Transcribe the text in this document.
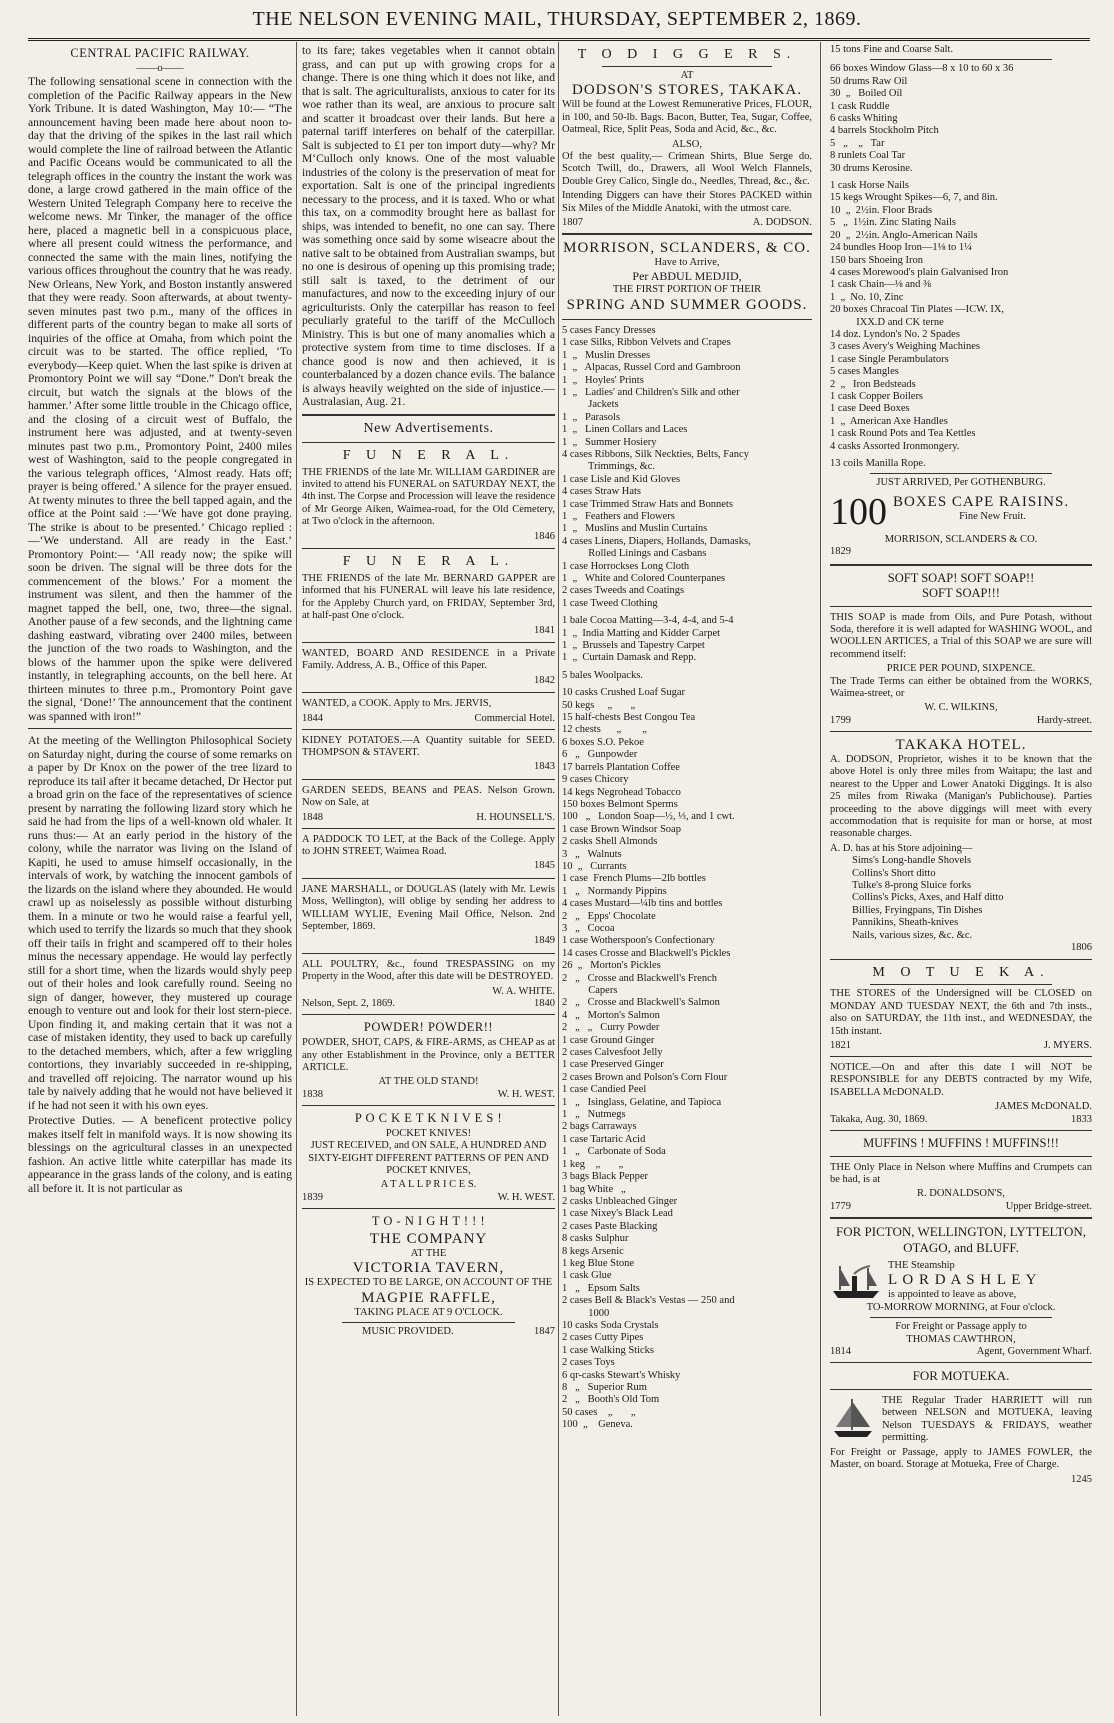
THE NELSON EVENING MAIL, THURSDAY, SEPTEMBER 2, 1869.
CENTRAL PACIFIC RAILWAY.
——o——

The following sensational scene in connection with the completion of the Pacific Railway appears in the New York Tribune. It is dated Washington, May 10:— “The announcement having been made here about noon to-day that the driving of the spikes in the last rail which would complete the line of railroad between the Atlantic and Pacific Oceans would be communicated to all the telegraph offices in the country the instant the work was done, a large crowd gathered in the main office of the Western United Telegraph Company here to receive the welcome news. Mr Tinker, the manager of the office here, placed a magnetic bell in a conspicuous place, where all present could witness the performance, and connected the same with the main lines, notifying the various offices throughout the country that he was ready. New Orleans, New York, and Boston instantly answered that they were ready. Soon afterwards, at about twenty-seven minutes past two p.m., many of the offices in different parts of the country began to make all sorts of inquiries of the office at Omaha, from which point the circuit was to be started. The office replied, ‘To everybody—Keep quiet. When the last spike is driven at Promontory Point we will say “Done.” Don't break the circuit, but watch the signals at the blows of the hammer.’ After some little trouble in the Chicago office, and the closing of a circuit west of Buffalo, the instrument here was adjusted, and at twenty-seven minutes past two p.m., Promontory Point, 2400 miles west of Washington, said to the people congregated in the various telegraph offices, ‘Almost ready. Hats off; prayer is being offered.’ A silence for the prayer ensued. At twenty minutes to three the bell tapped again, and the office at the Point said :—‘We have got done praying. The strike is about to be presented.’ Chicago replied :—‘We understand. All are ready in the East.’ Promontory Point:— ‘All ready now; the spike will soon be driven. The signal will be three dots for the commencement of the blows.’ For a moment the instrument was silent, and then the hammer of the magnet tapped the bell, one, two, three—the signal. Another pause of a few seconds, and the lightning came dashing eastward, vibrating over 2400 miles, between the junction of the two roads to Washington, and the blows of the hammer upon the spike were delivered instantly, in telegraphing accounts, on the bell here. At thirteen minutes to three p.m., Promontory Point gave the signal, ‘Done!’ The announcement that the continent was spanned with iron!”

At the meeting of the Wellington Philosophical Society on Saturday night, during the course of some remarks on a paper by Dr Knox on the power of the tree lizard to reproduce its tail after it became detached, Dr Hector put a broad grin on the face of the representatives of science present by narrating the following lizard story which he said he had from the lips of a well-known old whaler. It runs thus:— At an early period in the history of the colony, while the narrator was living on the Island of Kapiti, he used to amuse himself occasionally, in the intervals of work, by watching the innocent gambols of the lizards on the island where they abounded. He would crawl up as noiselessly as possible without disturbing them. In a minute or two he would raise a fearful yell, which used to terrify the lizards so much that they shook off their tails in fright and scampered off to their holes minus the necessary appendage. He would lay perfectly still for a short time, when the lizards would shyly peep out of their holes and look carefully round. Seeing no sign of danger, however, they mustered up courage enough to venture out and look for their lost stern-piece. Upon finding it, and making certain that it was not a case of mistaken identity, they used to back up carefully to the detached members, which, after a few wriggling contortions, they invariably succeeded in re-shipping, and travelled off rejoicing. The narrator wound up his tale by naively adding that he would not have believed it if he had not seen it with his own eyes.

Protective Duties. — A beneficent protective policy makes itself felt in manifold ways. It is now showing its blessings on the agricultural classes in an unexpected fashion. An active little white caterpillar has made its appearance in the grass lands of the colony, and is eating all before it. It is not particular as

to its fare; takes vegetables when it cannot obtain grass, and can put up with growing crops for a change. There is one thing which it does not like, and that is salt. The agriculturalists, anxious to cater for its woe rather than its weal, are anxious to procure salt and scatter it broadcast over their lands. But here a paternal tariff interferes on behalf of the caterpillar. Salt is subjected to £1 per ton import duty—why? Mr M‘Culloch only knows. One of the most valuable industries of the colony is the preservation of meat for exportation. Salt is one of the principal ingredients necessary to the process, and it is taxed. Who or what this tax, on a commodity brought here as ballast for ships, was intended to benefit, no one can say. There was something once said by some wiseacre about the native salt to be obtained from Australian swamps, but no one is desirous of opening up this promising trade; still salt is taxed, to the detriment of our manufactures, and now to the exceeding injury of our agriculturists. Only the caterpillar has reason to feel peculiarly grateful to the tariff of the McCulloch Ministry. This is but one of many anomalies which a protective system from time to time discloses. If a chance good is now and then achieved, it is counterbalanced by a dozen chance evils. The balance is always heavily weighted on the side of injustice.—Australasian, Aug. 21.

New Advertisements.
F U N E R A L.

THE FRIENDS of the late Mr. WILLIAM GARDINER are invited to attend his FUNERAL on SATURDAY NEXT, the 4th inst. The Corpse and Procession will leave the residence of Mr George Aiken, Waimea-road, for the Old Cemetery, at Two o'clock in the afternoon.

1846
F U N E R A L.

THE FRIENDS of the late Mr. BERNARD GAPPER are informed that his FUNERAL will leave his late residence, for the Appleby Church yard, on FRIDAY, September 3rd, at half-past One o'clock.

1841

WANTED, BOARD AND RESIDENCE in a Private Family. Address, A. B., Office of this Paper.

1842

WANTED, a COOK. Apply to Mrs. JERVIS,

1844	Commercial Hotel.

KIDNEY POTATOES.—A Quantity suitable for SEED. THOMPSON & STAVERT.

1843

GARDEN SEEDS, BEANS and PEAS. Nelson Grown. Now on Sale, at

1848	H. HOUNSELL'S.

A PADDOCK TO LET, at the Back of the College. Apply to JOHN STREET, Waimea Road.

1845

JANE MARSHALL, or DOUGLAS (lately with Mr. Lewis Moss, Wellington), will oblige by sending her address to WILLIAM WYLIE, Evening Mail Office, Nelson. 2nd September, 1869.

1849

ALL POULTRY, &c., found TRESPASSING on my Property in the Wood, after this date will be DESTROYED.

W. A. WHITE.
Nelson, Sept. 2, 1869.	1840
POWDER! POWDER!!

POWDER, SHOT, CAPS, & FIRE-ARMS, as CHEAP as at any other Establishment in the Province, only a BETTER ARTICLE.

AT THE OLD STAND!
1838	W. H. WEST.
P O C K E T K N I V E S !
POCKET KNIVES!

JUST RECEIVED, and ON SALE, A HUNDRED AND SIXTY-EIGHT DIFFERENT PATTERNS OF PEN AND POCKET KNIVES,

A T A L L P R I C E S.
1839	W. H. WEST.
T O - N I G H T ! ! !
THE COMPANY
AT THE
VICTORIA TAVERN,
IS EXPECTED TO BE LARGE, ON ACCOUNT OF THE
MAGPIE RAFFLE,
TAKING PLACE AT 9 O'CLOCK.
MUSIC PROVIDED.	1847
T O D I G G E R S.
AT
DODSON'S STORES, TAKAKA.

Will be found at the Lowest Remunerative Prices, FLOUR, in 100, and 50-lb. Bags. Bacon, Butter, Tea, Sugar, Coffee, Oatmeal, Rice, Split Peas, Soda and Acid, &c., &c.

ALSO,

Of the best quality,— Crimean Shirts, Blue Serge do. Scotch Twill, do., Drawers, all Wool Welch Flannels, Double Grey Calico, Single do., Needles, Thread, &c., &c.

Intending Diggers can have their Stores PACKED within Six Miles of the Middle Anatoki, with the utmost care.

1807	A. DODSON.
MORRISON, SCLANDERS, & CO.
Have to Arrive,
Per ABDUL MEDJID,
THE FIRST PORTION OF THEIR
SPRING AND SUMMER GOODS.
5 cases Fancy Dresses
1 case Silks, Ribbon Velvets and Crapes
1  „   Muslin Dresses
1  „   Alpacas, Russel Cord and Gambroon
1  „   Hoyles' Prints
1  „   Ladies' and Children's Silk and other
Jackets
1  „   Parasols
1  „   Linen Collars and Laces
1  „   Summer Hosiery
4 cases Ribbons, Silk Neckties, Belts, Fancy
Trimmings, &c.
1 case Lisle and Kid Gloves
4 cases Straw Hats
1 case Trimmed Straw Hats and Bonnets
1  „   Feathers and Flowers
1  „   Muslins and Muslin Curtains
4 cases Linens, Diapers, Hollands, Damasks,
Rolled Linings and Casbans
1 case Horrockses Long Cloth
1  „   White and Colored Counterpanes
2 cases Tweeds and Coatings
1 case Tweed Clothing
1 bale Cocoa Matting—3-4, 4-4, and 5-4
1  „  India Matting and Kidder Carpet
1  „  Brussels and Tapestry Carpet
1  „  Curtain Damask and Repp.
5 bales Woolpacks.
10 casks Crushed Loaf Sugar
50 kegs     „       „
15 half-chests Best Congou Tea
12 chests      „        „
6 boxes S.O. Pekoe
6   „   Gunpowder
17 barrels Plantation Coffee
9 cases Chicory
14 kegs Negrohead Tobacco
150 boxes Belmont Sperms
100   „   London Soap—½, ⅓, and 1 cwt.
1 case Brown Windsor Soap
2 casks Shell Almonds
3   „   Walnuts
10  „   Currants
1 case  French Plums—2lb bottles
1   „   Normandy Pippins
4 cases Mustard—¼lb tins and bottles
2   „   Epps' Chocolate
3   „   Cocoa
1 case Wotherspoon's Confectionary
14 cases Crosse and Blackwell's Pickles
26  „   Morton's Pickles
2   „   Crosse and Blackwell's French
Capers
2   „   Crosse and Blackwell's Salmon
4   „   Morton's Salmon
2   „   „   Curry Powder
1 case Ground Ginger
2 cases Calvesfoot Jelly
1 case Preserved Ginger
2 cases Brown and Polson's Corn Flour
1 case Candied Peel
1   „   Isinglass, Gelatine, and Tapioca
1   „   Nutmegs
2 bags Carraways
1 case Tartaric Acid
1   „   Carbonate of Soda
1 keg    „       „
3 bags Black Pepper
1 bag White   „
2 casks Unbleached Ginger
1 case Nixey's Black Lead
2 cases Paste Blacking
8 casks Sulphur
8 kegs Arsenic
1 keg Blue Stone
1 cask Glue
1   „   Epsom Salts
2 cases Bell & Black's Vestas — 250 and
1000
10 casks Soda Crystals
2 cases Cutty Pipes
1 case Walking Sticks
2 cases Toys
6 qr-casks Stewart's Whisky
8   „   Superior Rum
2   „   Booth's Old Tom
50 cases    „       „
100  „    Geneva.
15 tons Fine and Coarse Salt.
66 boxes Window Glass—8 x 10 to 60 x 36
50 drums Raw Oil
30  „   Boiled Oil
1 cask Ruddle
6 casks Whiting
4 barrels Stockholm Pitch
5   „    „   Tar
8 runlets Coal Tar
30 drums Kerosine.
1 cask Horse Nails
15 kegs Wrought Spikes—6, 7, and 8in.
10  „  2½in. Floor Brads
5   „  1½in. Zinc Slating Nails
20  „  2½in. Anglo-American Nails
24 bundles Hoop Iron—1⅛ to 1¼
150 bars Shoeing Iron
4 cases Morewood's plain Galvanised Iron
1 cask Chain—⅛ and ⅜
1  „  No. 10, Zinc
20 boxes Chracoal Tin Plates —ICW. IX,
IXX.D and CK terne
14 doz. Lyndon's No. 2 Spades
3 cases Avery's Weighing Machines
1 case Single Perambulators
5 cases Mangles
2  „   Iron Bedsteads
1 cask Copper Boilers
1 case Deed Boxes
1  „  American Axe Handles
1 cask Round Pots and Tea Kettles
4 casks Assorted Ironmongery.
13 coils Manilla Rope.
JUST ARRIVED, Per GOTHENBURG.
100 BOXES CAPE RAISINS.
Fine New Fruit.
MORRISON, SCLANDERS & CO.
1829
SOFT SOAP! SOFT SOAP!!
SOFT SOAP!!!

THIS SOAP is made from Oils, and Pure Potash, without Soda, therefore it is well adapted for WASHING WOOL, and WOOLLEN ARTICES, a Trial of this SOAP we are sure will recommend itself:

PRICE PER POUND, SIXPENCE.

The Trade Terms can either be obtained from the WORKS, Waimea-street, or

W. C. WILKINS,
1799	Hardy-street.
TAKAKA HOTEL.

A. DODSON, Proprietor, wishes it to be known that the above Hotel is only three miles from Waitapu; the last and nearest to the Upper and Lower Anatoki Diggings. It is also 25 miles from Riwaka (Manigan's Publichouse). Parties proceeding to the above diggings will meet with every accommodation that is requisite for man or horse, at most reasonable charges.

A. D. has at his Store adjoining—
Sims's Long-handle Shovels
Collins's Short ditto
Tulke's 8-prong Sluice forks
Collins's Picks, Axes, and Half ditto
Billies, Fryingpans, Tin Dishes
Pannikins, Sheath-knives
Nails, various sizes, &c. &c.
1806
M O T U E K A.

THE STORES of the Undersigned will be CLOSED on MONDAY AND TUESDAY NEXT, the 6th and 7th insts., also on SATURDAY, the 11th inst., and WEDNESDAY, the 15th instant.

1821	J. MYERS.

NOTICE.—On and after this date I will NOT be RESPONSIBLE for any DEBTS contracted by my Wife, ISABELLA McDONALD.

JAMES McDONALD.
Takaka, Aug. 30, 1869.	1833
MUFFINS ! MUFFINS ! MUFFINS!!!

THE Only Place in Nelson where Muffins and Crumpets can be had, is at

R. DONALDSON'S,
1779	Upper Bridge-street.
FOR PICTON, WELLINGTON, LYTTELTON, OTAGO, and BLUFF.
THE Steamship
L O R D A S H L E Y
is appointed to leave as above,
TO-MORROW MORNING, at Four o'clock.
For Freight or Passage apply to
THOMAS CAWTHRON,
1814	Agent, Government Wharf.
FOR MOTUEKA.

THE Regular Trader HARRIETT will run between NELSON and MOTUEKA, leaving Nelson TUESDAYS & FRIDAYS, weather permitting.

For Freight or Passage, apply to JAMES FOWLER, the Master, on board. Storage at Motueka, Free of Charge.

1245
